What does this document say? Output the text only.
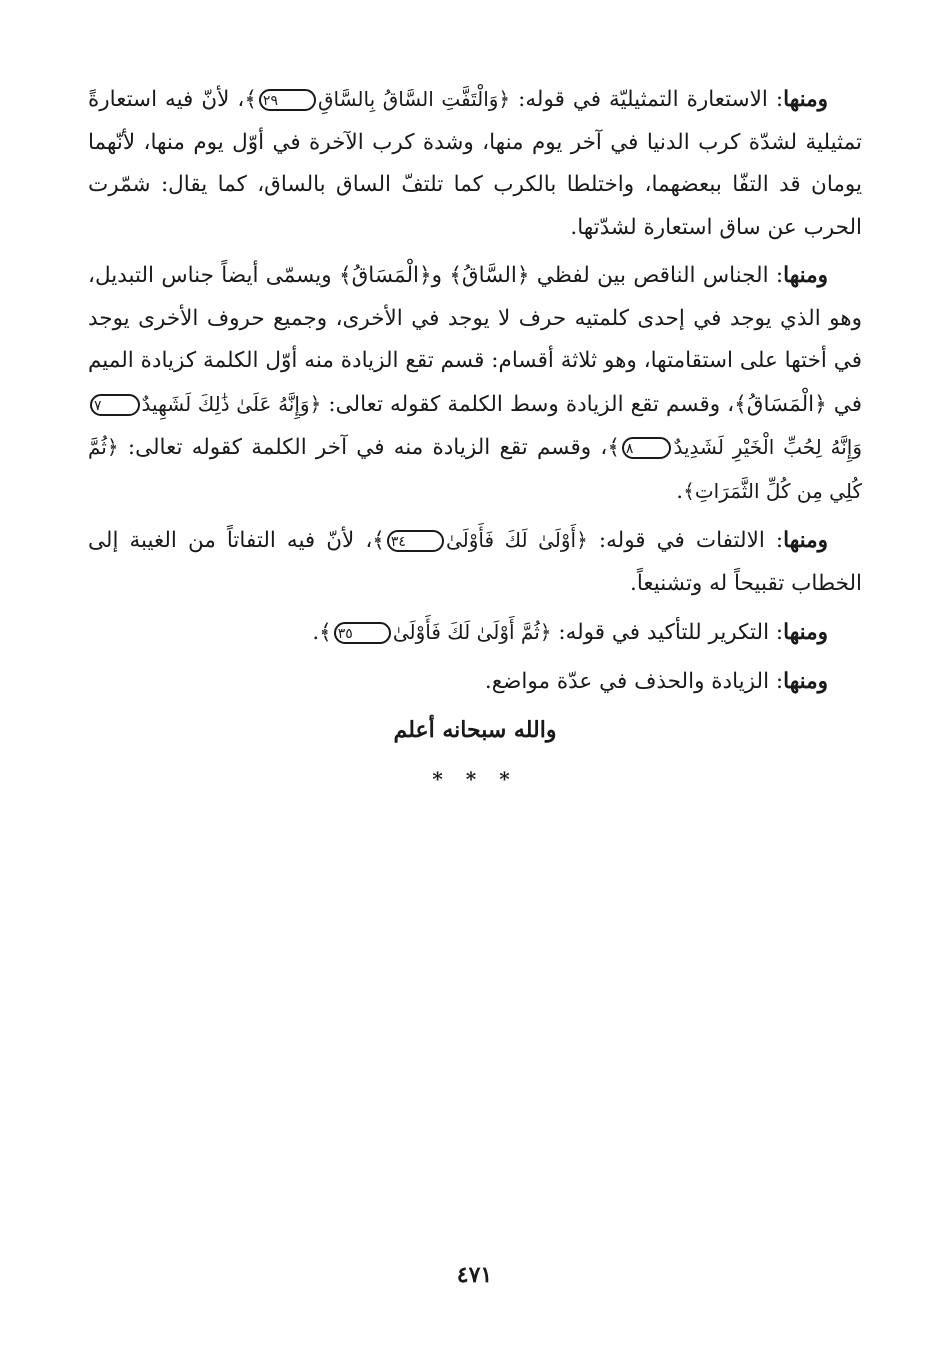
ومنها: الاستعارة التمثيليّة في قوله: ﴿وَالْتَفَّتِ السَّاقُ بِالسَّاقِ٢٩﴾، لأنّ فيه استعارةً تمثيلية لشدّة كرب الدنيا في آخر يوم منها، وشدة كرب الآخرة في أوّل يوم منها، لأنّهما يومان قد التفّا ببعضهما، واختلطا بالكرب كما تلتفّ الساق بالساق، كما يقال: شمّرت الحرب عن ساق استعارة لشدّتها.

ومنها: الجناس الناقص بين لفظي ﴿السَّاقُ﴾ و﴿الْمَسَاقُ﴾ ويسمّى أيضاً جناس التبديل، وهو الذي يوجد في إحدى كلمتيه حرف لا يوجد في الأخرى، وجميع حروف الأخرى يوجد في أختها على استقامتها، وهو ثلاثة أقسام: قسم تقع الزيادة منه أوّل الكلمة كزيادة الميم في ﴿الْمَسَاقُ﴾، وقسم تقع الزيادة وسط الكلمة كقوله تعالى: ﴿وَإِنَّهُ عَلَىٰ ذَٰلِكَ لَشَهِيدٌ٧ وَإِنَّهُ لِحُبِّ الْخَيْرِ لَشَدِيدٌ٨﴾، وقسم تقع الزيادة منه في آخر الكلمة كقوله تعالى: ﴿ثُمَّ كُلِي مِن كُلِّ الثَّمَرَاتِ﴾.

ومنها: الالتفات في قوله: ﴿أَوْلَىٰ لَكَ فَأَوْلَىٰ٣٤﴾، لأنّ فيه التفاتاً من الغيبة إلى الخطاب تقبيحاً له وتشنيعاً.

ومنها: التكرير للتأكيد في قوله: ﴿ثُمَّ أَوْلَىٰ لَكَ فَأَوْلَىٰ٣٥﴾.

ومنها: الزيادة والحذف في عدّة مواضع.

والله سبحانه أعلم

* * *

٤٧١
